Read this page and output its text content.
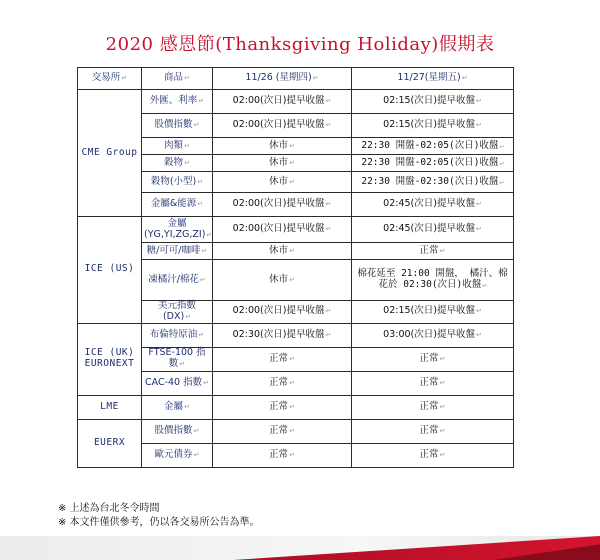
2020 感恩節(Thanksgiving Holiday)假期表
交易所↵	商品↵	11/26 (星期四)↵	11/27(星期五)↵
CME Group	外匯、利率↵	02:00(次日)提早收盤↵	02:15(次日)提早收盤↵
	股價指數↵	02:00(次日)提早收盤↵	02:15(次日)提早收盤↵
	肉類↵	休市↵	22:30 開盤-02:05(次日)收盤↵
	穀物↵	休市↵	22:30 開盤-02:05(次日)收盤↵
	穀物(小型)↵	休市↵	22:30 開盤-02:30(次日)收盤↵
	金屬&能源↵	02:00(次日)提早收盤↵	02:45(次日)提早收盤↵
ICE (US)	金屬 (YG,YI,ZG,ZI)↵	02:00(次日)提早收盤↵	02:45(次日)提早收盤↵
	糖/可可/咖啡↵	休市↵	正常↵
	凍橘汁/棉花↵	休市↵	棉花延至 21:00 開盤， 橘汁、棉花於 02:30(次日)收盤↵
	美元指數(DX)↵	02:00(次日)提早收盤↵	02:15(次日)提早收盤↵
ICE (UK) EURONEXT	布倫特原油↵	02:30(次日)提早收盤↵	03:00(次日)提早收盤↵
	FTSE-100 指數↵	正常↵	正常↵
	CAC-40 指數↵	正常↵	正常↵
LME	金屬↵	正常↵	正常↵
EUERX	股價指數↵	正常↵	正常↵
	歐元債券↵	正常↵	正常↵
※ 上述為台北冬令時間
※ 本文件僅供參考，仍以各交易所公告為準。
